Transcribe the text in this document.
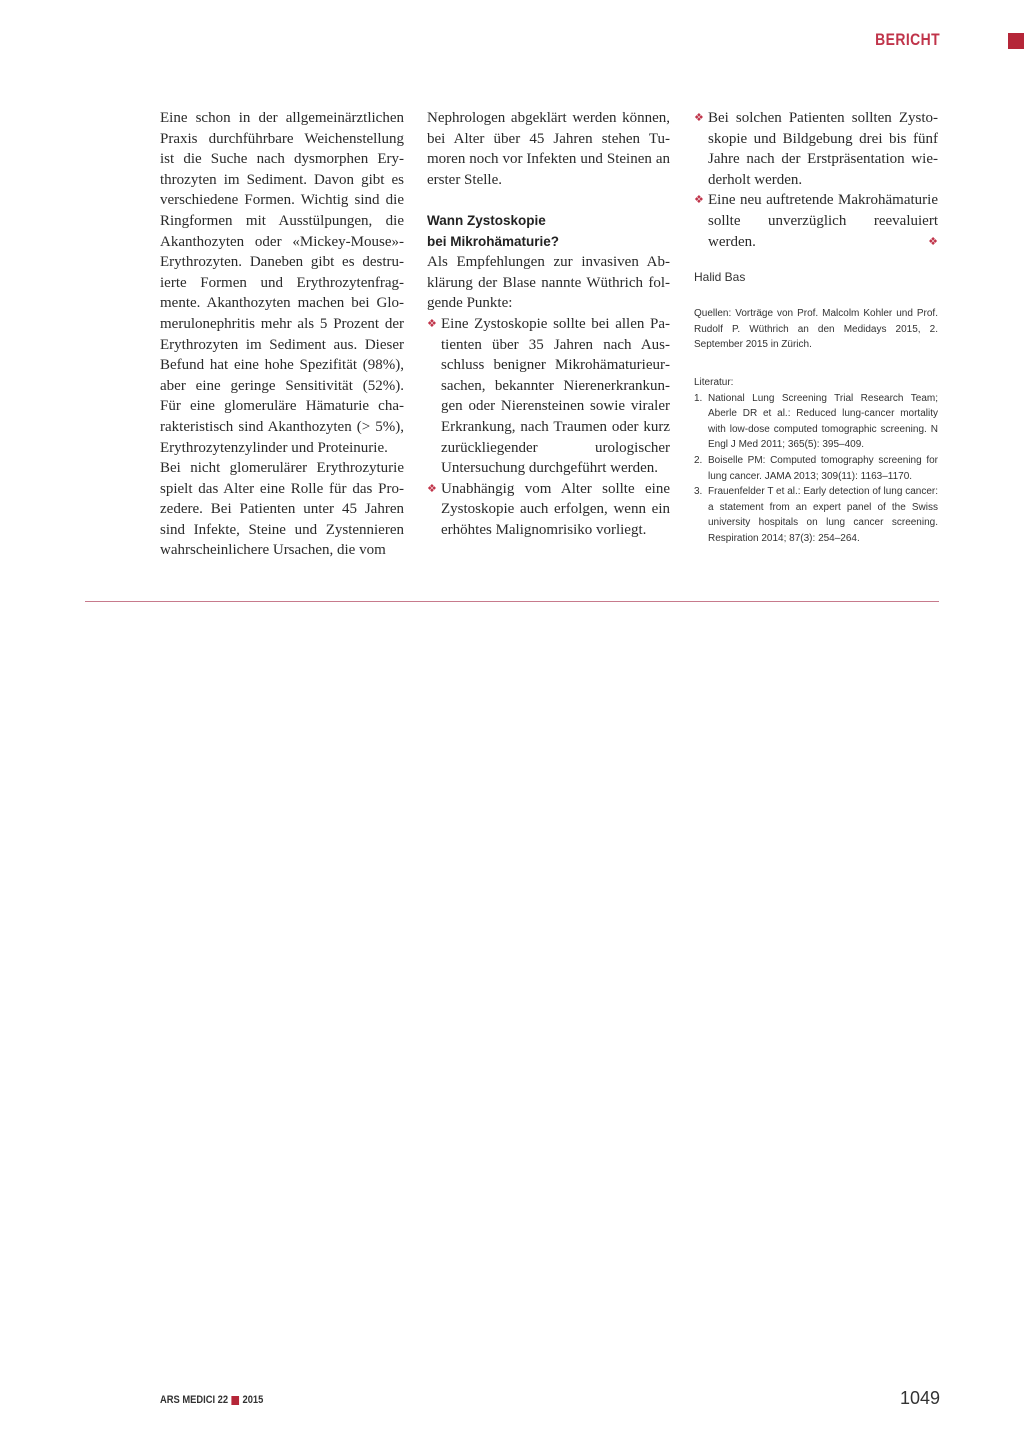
BERICHT

Eine schon in der allgemeinärztlichen Praxis durchführbare Weichenstellung ist die Suche nach dysmorphen Erythrozyten im Sediment. Davon gibt es verschiedene Formen. Wichtig sind die Ringformen mit Ausstülpungen, die Akanthozyten oder «Mickey-Mouse»-Erythrozyten. Daneben gibt es destruierte Formen und Erythrozytenfragmente. Akanthozyten machen bei Glomerulonephritis mehr als 5 Prozent der Erythrozyten im Sediment aus. Dieser Befund hat eine hohe Spezifität (98%), aber eine geringe Sensitivität (52%). Für eine glomeruläre Hämaturie charakteristisch sind Akanthozyten (> 5%), Erythrozytenzylinder und Proteinurie.

Bei nicht glomerulärer Erythrozyturie spielt das Alter eine Rolle für das Prozedere. Bei Patienten unter 45 Jahren sind Infekte, Steine und Zystennieren wahrscheinlichere Ursachen, die vom

Nephrologen abgeklärt werden können, bei Alter über 45 Jahren stehen Tumoren noch vor Infekten und Steinen an erster Stelle.

Wann Zystoskopie
bei Mikrohämaturie?

Als Empfehlungen zur invasiven Abklärung der Blase nannte Wüthrich folgende Punkte:

❖ Eine Zystoskopie sollte bei allen Patienten über 35 Jahren nach Ausschluss benigner Mikrohämaturieursachen, bekannter Nierenerkrankungen oder Nierensteinen sowie viraler Erkrankung, nach Traumen oder kurz zurückliegender urologischer Untersuchung durchgeführt werden.
❖ Unabhängig vom Alter sollte eine Zystoskopie auch erfolgen, wenn ein erhöhtes Malignomrisiko vorliegt.
❖ Bei solchen Patienten sollten Zystoskopie und Bildgebung drei bis fünf Jahre nach der Erstpräsentation wiederholt werden.
❖ Eine neu auftretende Makrohämaturie sollte unverzüglich reevaluiert werden.	❖

Halid Bas

Quellen: Vorträge von Prof. Malcolm Kohler und Prof. Rudolf P. Wüthrich an den Medidays 2015, 2. September 2015 in Zürich.

Literatur:
1. National Lung Screening Trial Research Team; Aberle DR et al.: Reduced lung-cancer mortality with low-dose computed tomographic screening. N Engl J Med 2011; 365(5): 395–409.
2. Boiselle PM: Computed tomography screening for lung cancer. JAMA 2013; 309(11): 1163–1170.
3. Frauenfelder T et al.: Early detection of lung cancer: a statement from an expert panel of the Swiss university hospitals on lung cancer screening. Respiration 2014; 87(3): 254–264.
ARS MEDICI 22 2015	1049
